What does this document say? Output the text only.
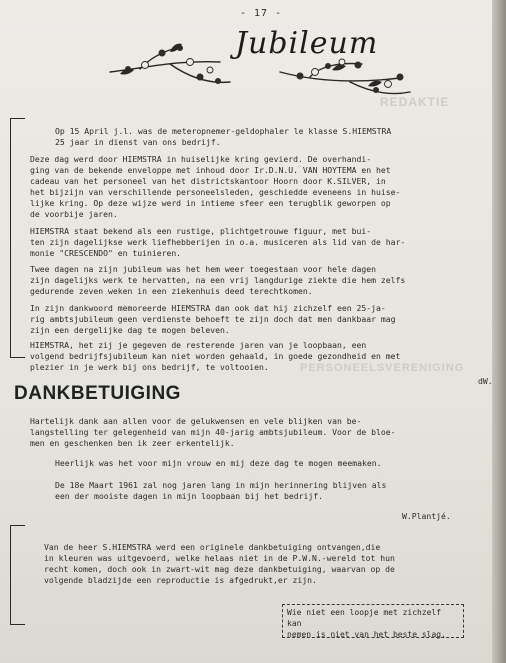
REDAKTIE
PERSONEELSVERENIGING
- 17 -
Jubileum

Op 15 April j.l. was de meteropnemer-geldophaler le klasse S.HIEMSTRA
25 jaar in dienst van ons bedrijf.

Deze dag werd door HIEMSTRA in huiselijke kring gevierd. De overhandi-
ging van de bekende enveloppe met inhoud door Ir.D.N.U. VAN HOYTEMA en het
cadeau van het personeel van het districtskantoor Hoorn door K.SILVER, in
het bijzijn van verschillende personeelsleden, geschiedde eveneens in huise-
lijke kring. Op deze wijze werd in intieme sfeer een terugblik geworpen op
de voorbije jaren.

HIEMSTRA staat bekend als een rustige, plichtgetrouwe figuur, met bui-
ten zijn dagelijkse werk liefhebberijen in o.a. musiceren als lid van de har-
monie "CRESCENDO" en tuinieren.

Twee dagen na zijn jubileum was het hem weer toegestaan voor hele dagen
zijn dagelijks werk te hervatten, na een vrij langdurige ziekte die hem zelfs
gedurende zeven weken in een ziekenhuis deed terechtkomen.

In zijn dankwoord memoreerde HIEMSTRA dan ook dat hij zichzelf een 25-ja-
rig ambtsjubileum geen verdienste behoeft te zijn doch dat men dankbaar mag
zijn een dergelijke dag te mogen beleven.

HIEMSTRA, het zij je gegeven de resterende jaren van je loopbaan, een
volgend bedrijfsjubileum kan niet worden gehaald, in goede gezondheid en met
plezier in je werk bij ons bedrijf, te voltooien.

dW.
DANKBETUIGING

Hartelijk dank aan allen voor de gelukwensen en vele blijken van be-
langstelling ter gelegenheid van mijn 40-jarig ambtsjubileum. Voor de bloe-
men en geschenken ben ik zeer erkentelijk.

Heerlijk was het voor mijn vrouw en mij deze dag te mogen meemaken.

De 18e Maart 1961 zal nog jaren lang in mijn herinnering blijven als
een der mooiste dagen in mijn loopbaan bij het bedrijf.

W.Plantjé.

Van de heer S.HIEMSTRA werd een originele dankbetuiging ontvangen,die
in kleuren was uitgevoerd, welke helaas niet in de P.W.N.-wereld tot hun
recht komen, doch ook in zwart-wit mag deze dankbetuiging, waarvan op de
volgende bladzijde een reproductie is afgedrukt,er zijn.

Wie niet een loopje met zichzelf kan
nemen is niet van het beste slag.
